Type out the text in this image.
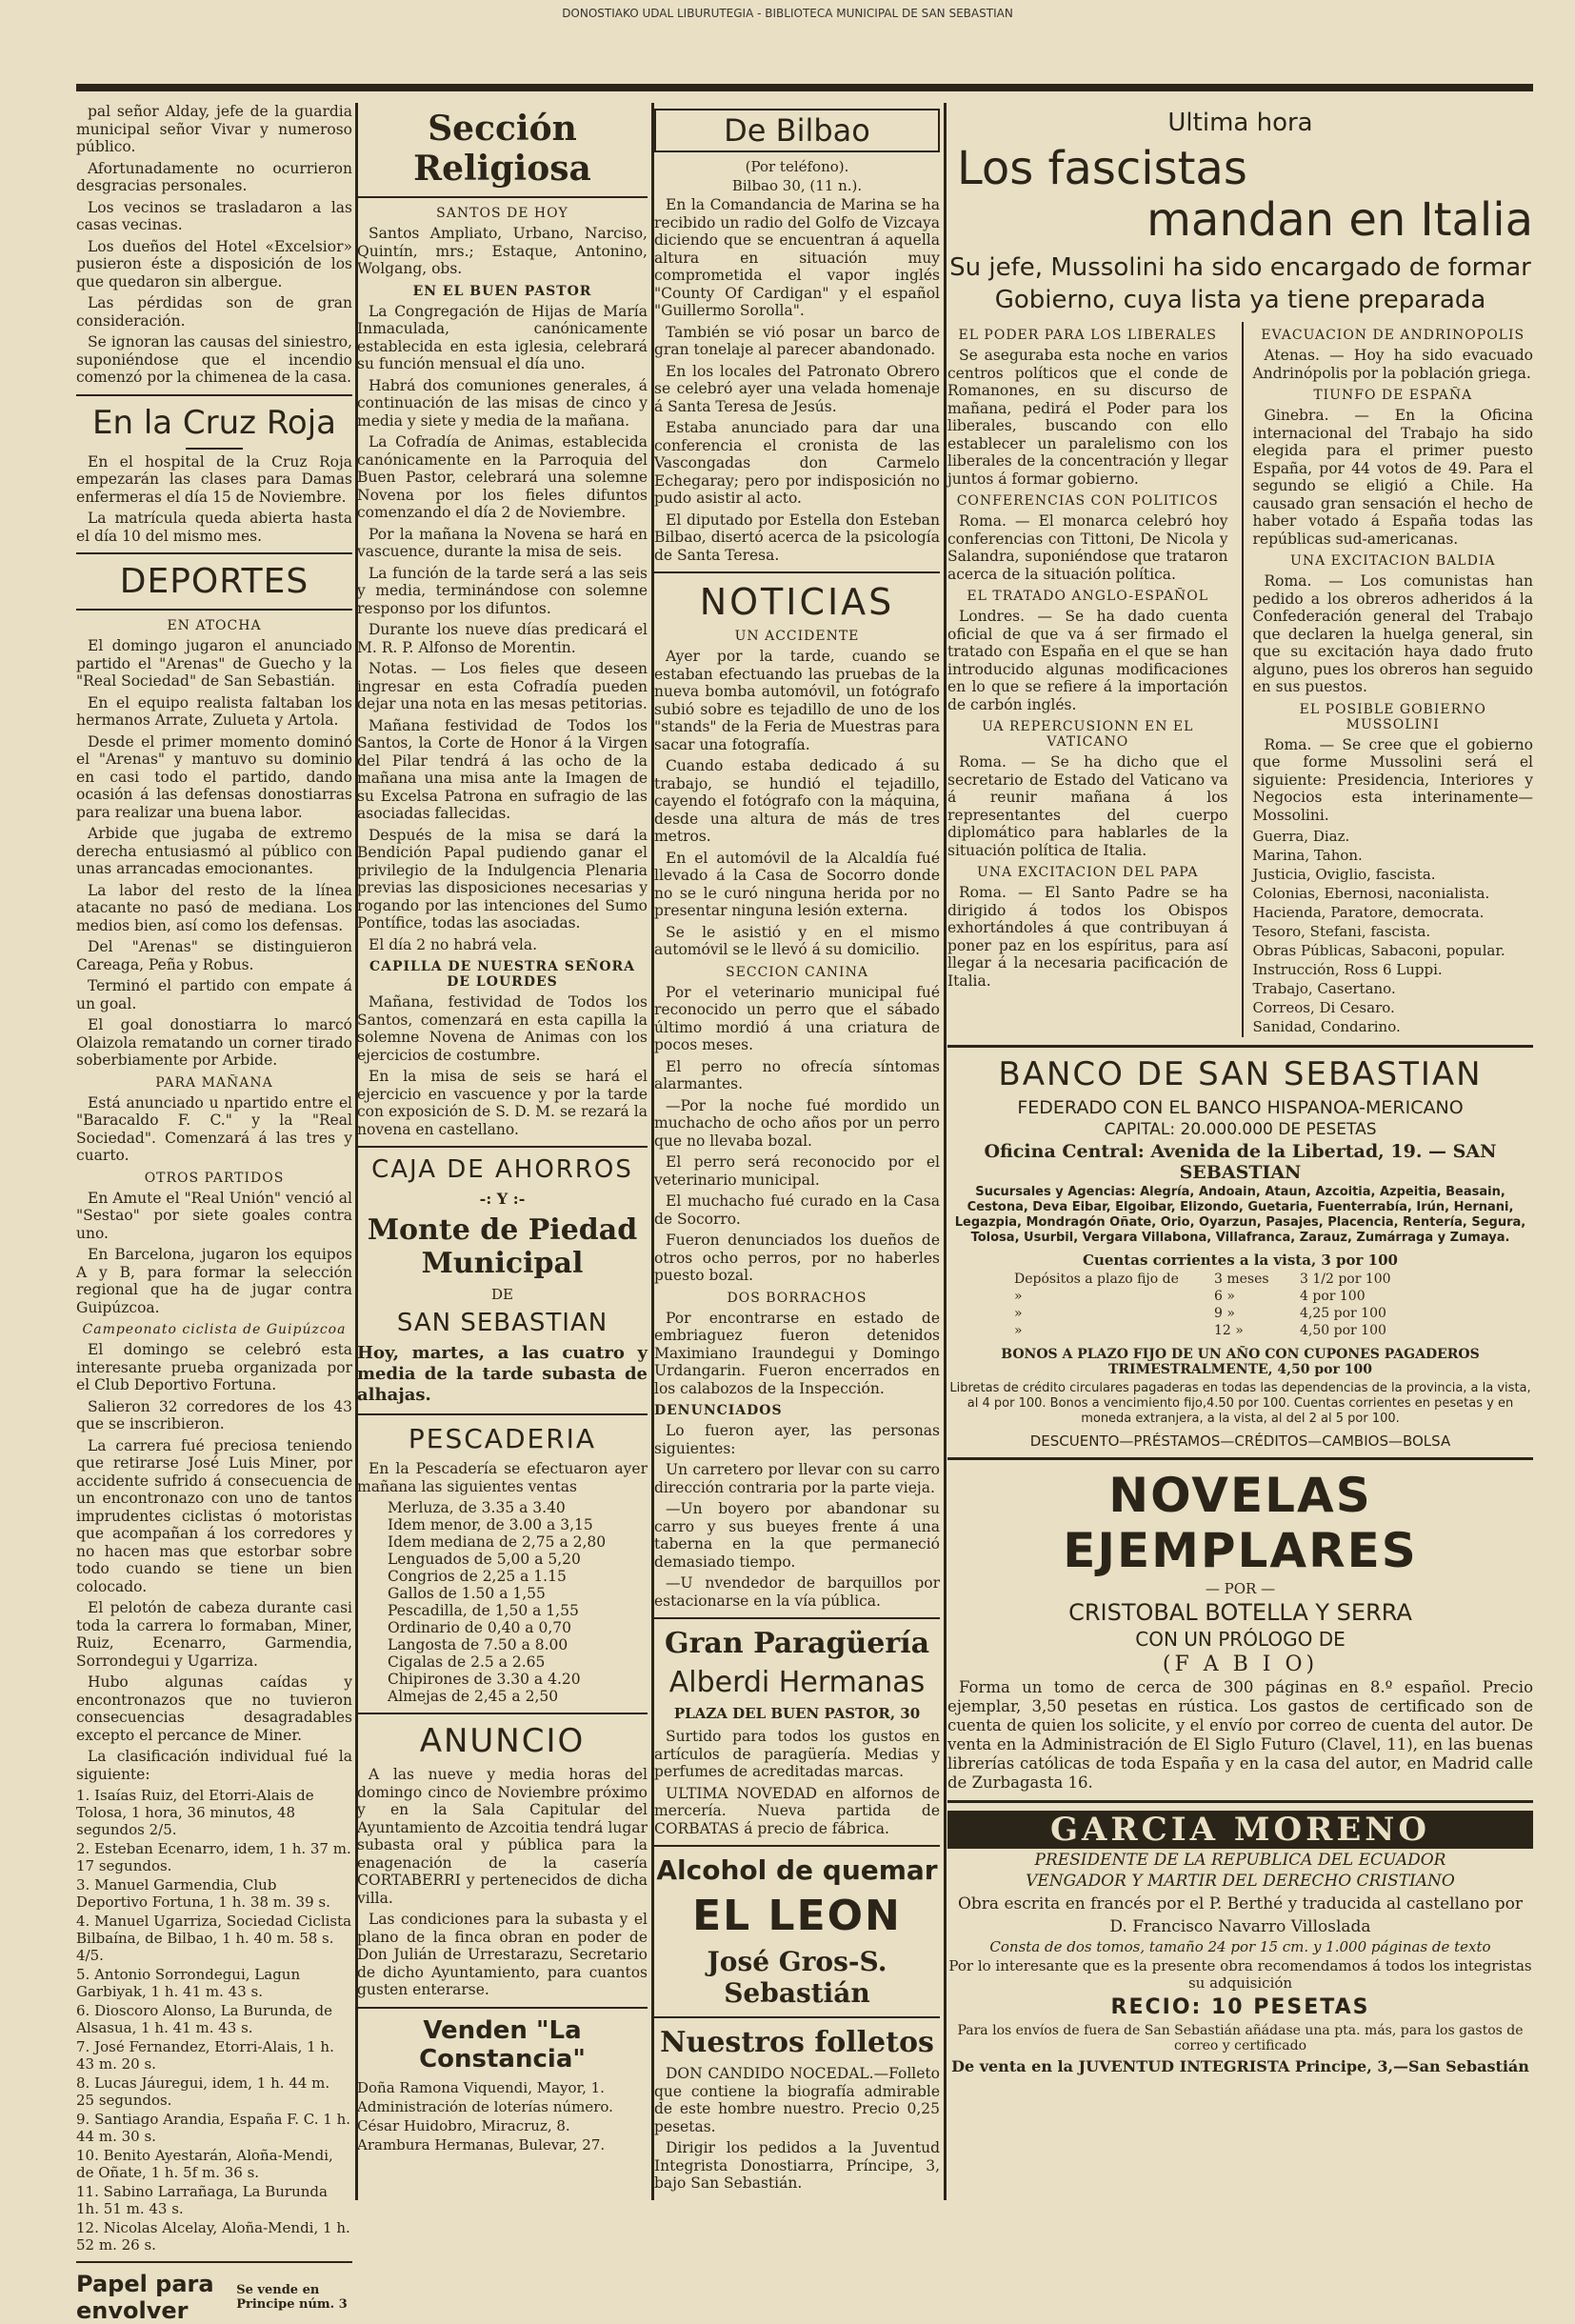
DONOSTIAKO UDAL LIBURUTEGIA - BIBLIOTECA MUNICIPAL DE SAN SEBASTIAN

pal señor Alday, jefe de la guardia municipal señor Vivar y numeroso público.

Afortunadamente no ocurrieron desgracias personales.

Los vecinos se trasladaron a las casas vecinas.

Los dueños del Hotel «Excelsior» pusieron éste a disposición de los que quedaron sin albergue.

Las pérdidas son de gran consideración.

Se ignoran las causas del siniestro, suponiéndose que el incendio comenzó por la chimenea de la casa.

En la Cruz Roja

En el hospital de la Cruz Roja empezarán las clases para Damas enfermeras el día 15 de Noviembre.

La matrícula queda abierta hasta el día 10 del mismo mes.

DEPORTES
EN ATOCHA

El domingo jugaron el anunciado partido el "Arenas" de Guecho y la "Real Sociedad" de San Sebastián.

En el equipo realista faltaban los hermanos Arrate, Zulueta y Artola.

Desde el primer momento dominó el "Arenas" y mantuvo su dominio en casi todo el partido, dando ocasión á las defensas donostiarras para realizar una buena labor.

Arbide que jugaba de extremo derecha entusiasmó al público con unas arrancadas emocionantes.

La labor del resto de la línea atacante no pasó de mediana. Los medios bien, así como los defensas.

Del "Arenas" se distinguieron Careaga, Peña y Robus.

Terminó el partido con empate á un goal.

El goal donostiarra lo marcó Olaizola rematando un corner tirado soberbiamente por Arbide.

PARA MAÑANA

Está anunciado u npartido entre el "Baracaldo F. C." y la "Real Sociedad". Comenzará á las tres y cuarto.

OTROS PARTIDOS

En Amute el "Real Unión" venció al "Sestao" por siete goales contra uno.

En Barcelona, jugaron los equipos A y B, para formar la selección regional que ha de jugar contra Guipúzcoa.

Campeonato ciclista de Guipúzcoa

El domingo se celebró esta interesante prueba organizada por el Club Deportivo Fortuna.

Salieron 32 corredores de los 43 que se inscribieron.

La carrera fué preciosa teniendo que retirarse José Luis Miner, por accidente sufrido á consecuencia de un encontronazo con uno de tantos imprudentes ciclistas ó motoristas que acompañan á los corredores y no hacen mas que estorbar sobre todo cuando se tiene un bien colocado.

El pelotón de cabeza durante casi toda la carrera lo formaban, Miner, Ruiz, Ecenarro, Garmendia, Sorrondegui y Ugarriza.

Hubo algunas caídas y encontronazos que no tuvieron consecuencias desagradables excepto el percance de Miner.

La clasificación individual fué la siguiente:

1. Isaías Ruiz, del Etorri-Alais de Tolosa, 1 hora, 36 minutos, 48 segundos 2/5.
2. Esteban Ecenarro, idem, 1 h. 37 m. 17 segundos.
3. Manuel Garmendia, Club Deportivo Fortuna, 1 h. 38 m. 39 s.
4. Manuel Ugarriza, Sociedad Ciclista Bilbaína, de Bilbao, 1 h. 40 m. 58 s. 4/5.
5. Antonio Sorrondegui, Lagun Garbiyak, 1 h. 41 m. 43 s.
6. Dioscoro Alonso, La Burunda, de Alsasua, 1 h. 41 m. 43 s.
7. José Fernandez, Etorri-Alais, 1 h. 43 m. 20 s.
8. Lucas Jáuregui, idem, 1 h. 44 m. 25 segundos.
9. Santiago Arandia, España F. C. 1 h. 44 m. 30 s.
10. Benito Ayestarán, Aloña-Mendi, de Oñate, 1 h. 5f m. 36 s.
11. Sabino Larrañaga, La Burunda 1h. 51 m. 43 s.
12. Nicolas Alcelay, Aloña-Mendi, 1 h. 52 m. 26 s.
Papel para envolver
Se vende en Principe núm. 3
Sección Religiosa
SANTOS DE HOY

Santos Ampliato, Urbano, Narciso, Quintín, mrs.; Estaque, Antonino, Wolgang, obs.

EN EL BUEN PASTOR

La Congregación de Hijas de María Inmaculada, canónicamente establecida en esta iglesia, celebrará su función mensual el día uno.

Habrá dos comuniones generales, á continuación de las misas de cinco y media y siete y media de la mañana.

La Cofradía de Animas, establecida canónicamente en la Parroquia del Buen Pastor, celebrará una solemne Novena por los fieles difuntos comenzando el día 2 de Noviembre.

Por la mañana la Novena se hará en vascuence, durante la misa de seis.

La función de la tarde será a las seis y media, terminándose con solemne responso por los difuntos.

Durante los nueve días predicará el M. R. P. Alfonso de Morentin.

Notas. — Los fieles que deseen ingresar en esta Cofradía pueden dejar una nota en las mesas petitorias.

Mañana festividad de Todos los Santos, la Corte de Honor á la Virgen del Pilar tendrá á las ocho de la mañana una misa ante la Imagen de su Excelsa Patrona en sufragio de las asociadas fallecidas.

Después de la misa se dará la Bendición Papal pudiendo ganar el privilegio de la Indulgencia Plenaria previas las disposiciones necesarias y rogando por las intenciones del Sumo Pontífice, todas las asociadas.

El día 2 no habrá vela.

CAPILLA DE NUESTRA SEÑORA DE LOURDES

Mañana, festividad de Todos los Santos, comenzará en esta capilla la solemne Novena de Animas con los ejercicios de costumbre.

En la misa de seis se hará el ejercicio en vascuence y por la tarde con exposición de S. D. M. se rezará la novena en castellano.

CAJA DE AHORROS
-: Y :-
Monte de Piedad Municipal
DE
SAN SEBASTIAN

Hoy, martes, a las cuatro y media de la tarde subasta de alhajas.

PESCADERIA

En la Pescadería se efectuaron ayer mañana las siguientes ventas

Merluza, de 3.35 a 3.40

Idem menor, de 3.00 a 3,15

Idem mediana de 2,75 a 2,80

Lenguados de 5,00 a 5,20

Congrios de 2,25 a 1.15

Gallos de 1.50 a 1,55

Pescadilla, de 1,50 a 1,55

Ordinario de 0,40 a 0,70

Langosta de 7.50 a 8.00

Cigalas de 2.5 a 2.65

Chipirones de 3.30 a 4.20

Almejas de 2,45 a 2,50

ANUNCIO

A las nueve y media horas del domingo cinco de Noviembre próximo y en la Sala Capitular del Ayuntamiento de Azcoitia tendrá lugar subasta oral y pública para la enagenación de la casería CORTABERRI y pertenecidos de dicha villa.

Las condiciones para la subasta y el plano de la finca obran en poder de Don Julián de Urrestarazu, Secretario de dicho Ayuntamiento, para cuantos gusten enterarse.

Venden "La Constancia"
Doña Ramona Viquendi, Mayor, 1.
Administración de loterías número.
César Huidobro, Miracruz, 8.
Arambura Hermanas, Bulevar, 27.
De Bilbao
(Por teléfono).
Bilbao 30, (11 n.).

En la Comandancia de Marina se ha recibido un radio del Golfo de Vizcaya diciendo que se encuentran á aquella altura en situación muy comprometida el vapor inglés "County Of Cardigan" y el español "Guillermo Sorolla".

También se vió posar un barco de gran tonelaje al parecer abandonado.

En los locales del Patronato Obrero se celebró ayer una velada homenaje á Santa Teresa de Jesús.

Estaba anunciado para dar una conferencia el cronista de las Vascongadas don Carmelo Echegaray; pero por indisposición no pudo asistir al acto.

El diputado por Estella don Esteban Bilbao, disertó acerca de la psicología de Santa Teresa.

NOTICIAS
UN ACCIDENTE

Ayer por la tarde, cuando se estaban efectuando las pruebas de la nueva bomba automóvil, un fotógrafo subió sobre es tejadillo de uno de los "stands" de la Feria de Muestras para sacar una fotografía.

Cuando estaba dedicado á su trabajo, se hundió el tejadillo, cayendo el fotógrafo con la máquina, desde una altura de más de tres metros.

En el automóvil de la Alcaldía fué llevado á la Casa de Socorro donde no se le curó ninguna herida por no presentar ninguna lesión externa.

Se le asistió y en el mismo automóvil se le llevó á su domicilio.

SECCION CANINA

Por el veterinario municipal fué reconocido un perro que el sábado último mordió á una criatura de pocos meses.

El perro no ofrecía síntomas alarmantes.

—Por la noche fué mordido un muchacho de ocho años por un perro que no llevaba bozal.

El perro será reconocido por el veterinario municipal.

El muchacho fué curado en la Casa de Socorro.

Fueron denunciados los dueños de otros ocho perros, por no haberles puesto bozal.

DOS BORRACHOS

Por encontrarse en estado de embriaguez fueron detenidos Maximiano Iraundegui y Domingo Urdangarin. Fueron encerrados en los calabozos de la Inspección.

DENUNCIADOS

Lo fueron ayer, las personas siguientes:

Un carretero por llevar con su carro dirección contraria por la parte vieja.

—Un boyero por abandonar su carro y sus bueyes frente á una taberna en la que permaneció demasiado tiempo.

—U nvendedor de barquillos por estacionarse en la vía pública.

Gran Paragüería
Alberdi Hermanas
PLAZA DEL BUEN PASTOR, 30

Surtido para todos los gustos en artículos de paragüería. Medias y perfumes de acreditadas marcas.

ULTIMA NOVEDAD en alfornos de mercería. Nueva partida de CORBATAS á precio de fábrica.

Alcohol de quemar
EL LEON
José Gros-S. Sebastián
Nuestros folletos

DON CANDIDO NOCEDAL.—Folleto que contiene la biografía admirable de este hombre nuestro. Precio 0,25 pesetas.

Dirigir los pedidos a la Juventud Integrista Donostiarra, Príncipe, 3, bajo San Sebastián.

Ultima hora
Los fascistas
mandan en Italia
Su jefe, Mussolini ha sido encargado de formar Gobierno, cuya lista ya tiene preparada
EL PODER PARA LOS LIBERALES

Se aseguraba esta noche en varios centros políticos que el conde de Romanones, en su discurso de mañana, pedirá el Poder para los liberales, buscando con ello establecer un paralelismo con los liberales de la concentración y llegar juntos á formar gobierno.

CONFERENCIAS CON POLITICOS

Roma. — El monarca celebró hoy conferencias con Tittoni, De Nicola y Salandra, suponiéndose que trataron acerca de la situación política.

EL TRATADO ANGLO-ESPAÑOL

Londres. — Se ha dado cuenta oficial de que va á ser firmado el tratado con España en el que se han introducido algunas modificaciones en lo que se refiere á la importación de carbón inglés.

UA REPERCUSIONN EN EL VATICANO

Roma. — Se ha dicho que el secretario de Estado del Vaticano va á reunir mañana á los representantes del cuerpo diplomático para hablarles de la situación política de Italia.

UNA EXCITACION DEL PAPA

Roma. — El Santo Padre se ha dirigido á todos los Obispos exhortándoles á que contribuyan á poner paz en los espíritus, para así llegar á la necesaria pacificación de Italia.

EVACUACION DE ANDRINOPOLIS

Atenas. — Hoy ha sido evacuado Andrinópolis por la población griega.

TIUNFO DE ESPAÑA

Ginebra. — En la Oficina internacional del Trabajo ha sido elegida para el primer puesto España, por 44 votos de 49. Para el segundo se eligió a Chile. Ha causado gran sensación el hecho de haber votado á España todas las repúblicas sud-americanas.

UNA EXCITACION BALDIA

Roma. — Los comunistas han pedido a los obreros adheridos á la Confederación general del Trabajo que declaren la huelga general, sin que su excitación haya dado fruto alguno, pues los obreros han seguido en sus puestos.

EL POSIBLE GOBIERNO MUSSOLINI

Roma. — Se cree que el gobierno que forme Mussolini será el siguiente: Presidencia, Interiores y Negocios esta interinamente—Mossolini.

Guerra, Diaz.
Marina, Tahon.
Justicia, Oviglio, fascista.
Colonias, Ebernosi, naconialista.
Hacienda, Paratore, democrata.
Tesoro, Stefani, fascista.
Obras Públicas, Sabaconi, popular.
Instrucción, Ross 6 Luppi.
Trabajo, Casertano.
Correos, Di Cesaro.
Sanidad, Condarino.
BANCO DE SAN SEBASTIAN
FEDERADO CON EL BANCO HISPANOA-MERICANO
CAPITAL: 20.000.000 DE PESETAS
Oficina Central: Avenida de la Libertad, 19. — SAN SEBASTIAN
Sucursales y Agencias: Alegría, Andoain, Ataun, Azcoitia, Azpeitia, Beasain, Cestona, Deva Eibar, Elgoibar, Elizondo, Guetaria, Fuenterrabía, Irún, Hernani, Legazpia, Mondragón Oñate, Orio, Oyarzun, Pasajes, Placencia, Rentería, Segura, Tolosa, Usurbil, Vergara Villabona, Villafranca, Zarauz, Zumárraga y Zumaya.
Cuentas corrientes a la vista, 3 por 100
Depósitos a plazo fijo de	3 meses 3 1/2 por 100
»	6 »	4 por 100
»	9 »	4,25 por 100
»	12 »	4,50 por 100
BONOS A PLAZO FIJO DE UN AÑO CON CUPONES PAGADEROS TRIMESTRALMENTE, 4,50 por 100
Libretas de crédito circulares pagaderas en todas las dependencias de la provincia, a la vista, al 4 por 100. Bonos a vencimiento fijo,4.50 por 100. Cuentas corrientes en pesetas y en moneda extranjera, a la vista, al del 2 al 5 por 100.
DESCUENTO—PRÉSTAMOS—CRÉDITOS—CAMBIOS—BOLSA
NOVELAS EJEMPLARES
— POR —
CRISTOBAL BOTELLA Y SERRA
CON UN PRÓLOGO DE
(F A B I O)

Forma un tomo de cerca de 300 páginas en 8.º español. Precio ejemplar, 3,50 pesetas en rústica. Los gastos de certificado son de cuenta de quien los solicite, y el envío por correo de cuenta del autor. De venta en la Administración de El Siglo Futuro (Clavel, 11), en las buenas librerías católicas de toda España y en la casa del autor, en Madrid calle de Zurbagasta 16.

GARCIA MORENO
PRESIDENTE DE LA REPUBLICA DEL ECUADOR
VENGADOR Y MARTIR DEL DERECHO CRISTIANO
Obra escrita en francés por el P. Berthé y traducida al castellano por
D. Francisco Navarro Villoslada
Consta de dos tomos, tamaño 24 por 15 cm. y 1.000 páginas de texto
Por lo interesante que es la presente obra recomendamos á todos los integristas su adquisición
RECIO: 10 PESETAS
Para los envíos de fuera de San Sebastián añádase una pta. más, para los gastos de correo y certificado
De venta en la JUVENTUD INTEGRISTA Principe, 3,—San Sebastián
